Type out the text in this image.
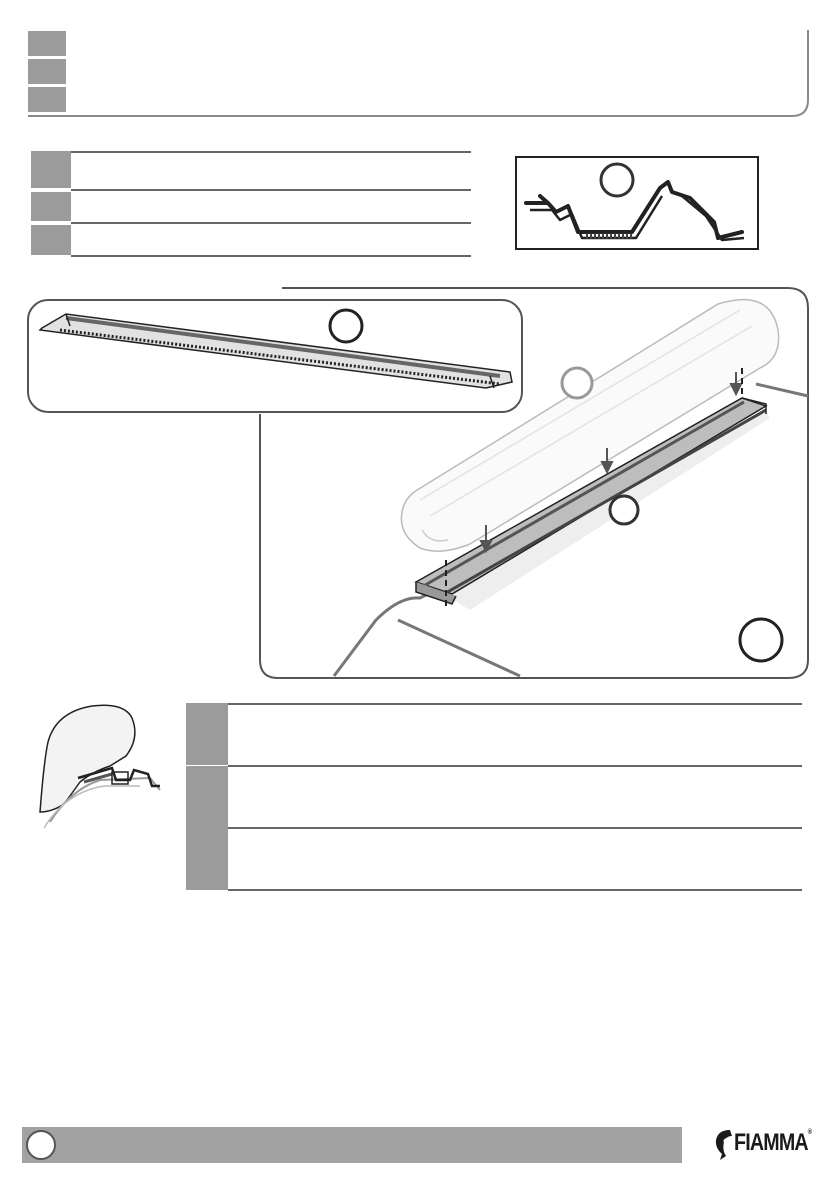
FIAMMA®
